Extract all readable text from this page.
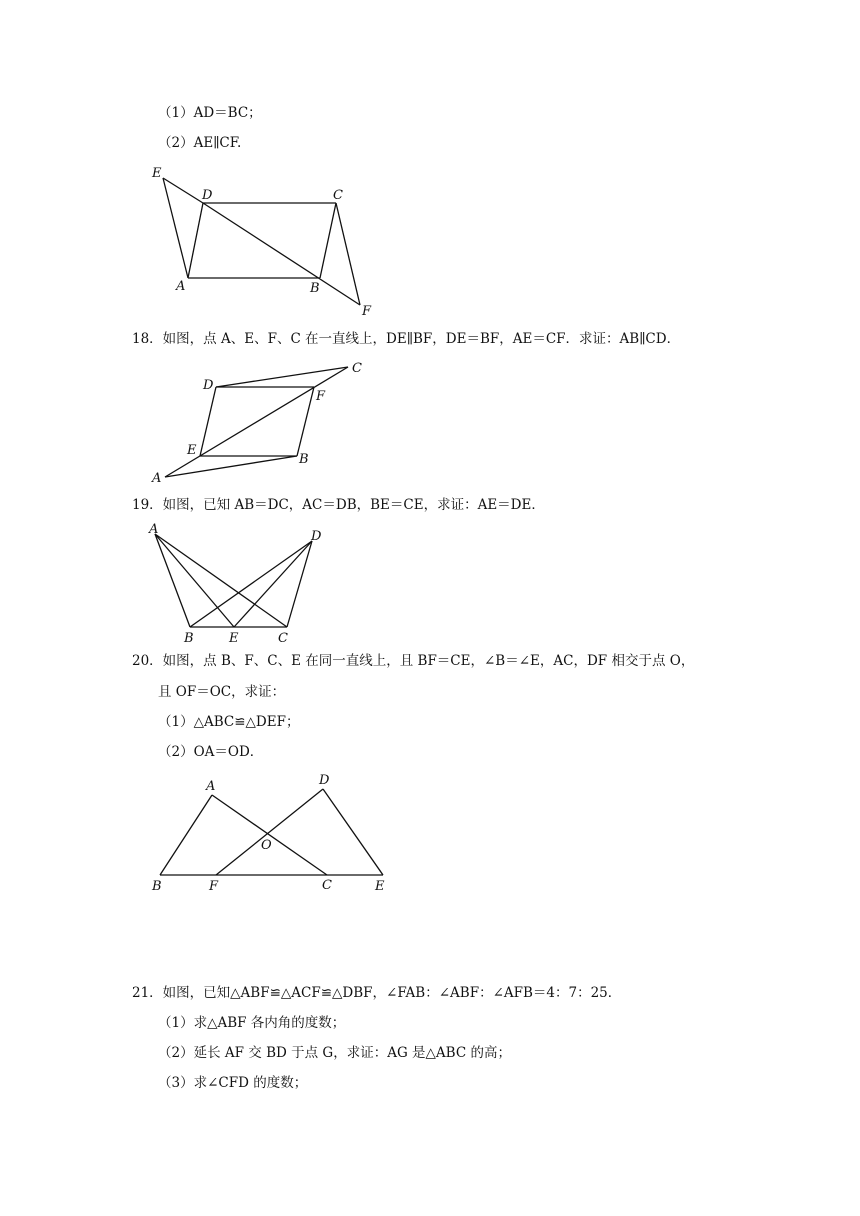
（1）AD＝BC；
（2）AE∥CF.
E
D	C
A	B
F
18．如图，点 A、E、F、C 在一直线上，DE∥BF，DE＝BF，AE＝CF．求证：AB∥CD．
D
C
F
E
B
A
19．如图，已知 AB＝DC，AC＝DB，BE＝CE，求证：AE＝DE．
A	D
B	E	C
20．如图，点 B、F、C、E 在同一直线上，且 BF＝CE，∠B＝∠E，AC，DF 相交于点 O，
且 OF＝OC，求证：
（1）△ABC≌△DEF；
（2）OA＝OD．
A	D
O
B	F	C	E
21．如图，已知△ABF≌△ACF≌△DBF，∠FAB：∠ABF：∠AFB＝4：7：25．
（1）求△ABF 各内角的度数；
（2）延长 AF 交 BD 于点 G，求证：AG 是△ABC 的高；
（3）求∠CFD 的度数；
